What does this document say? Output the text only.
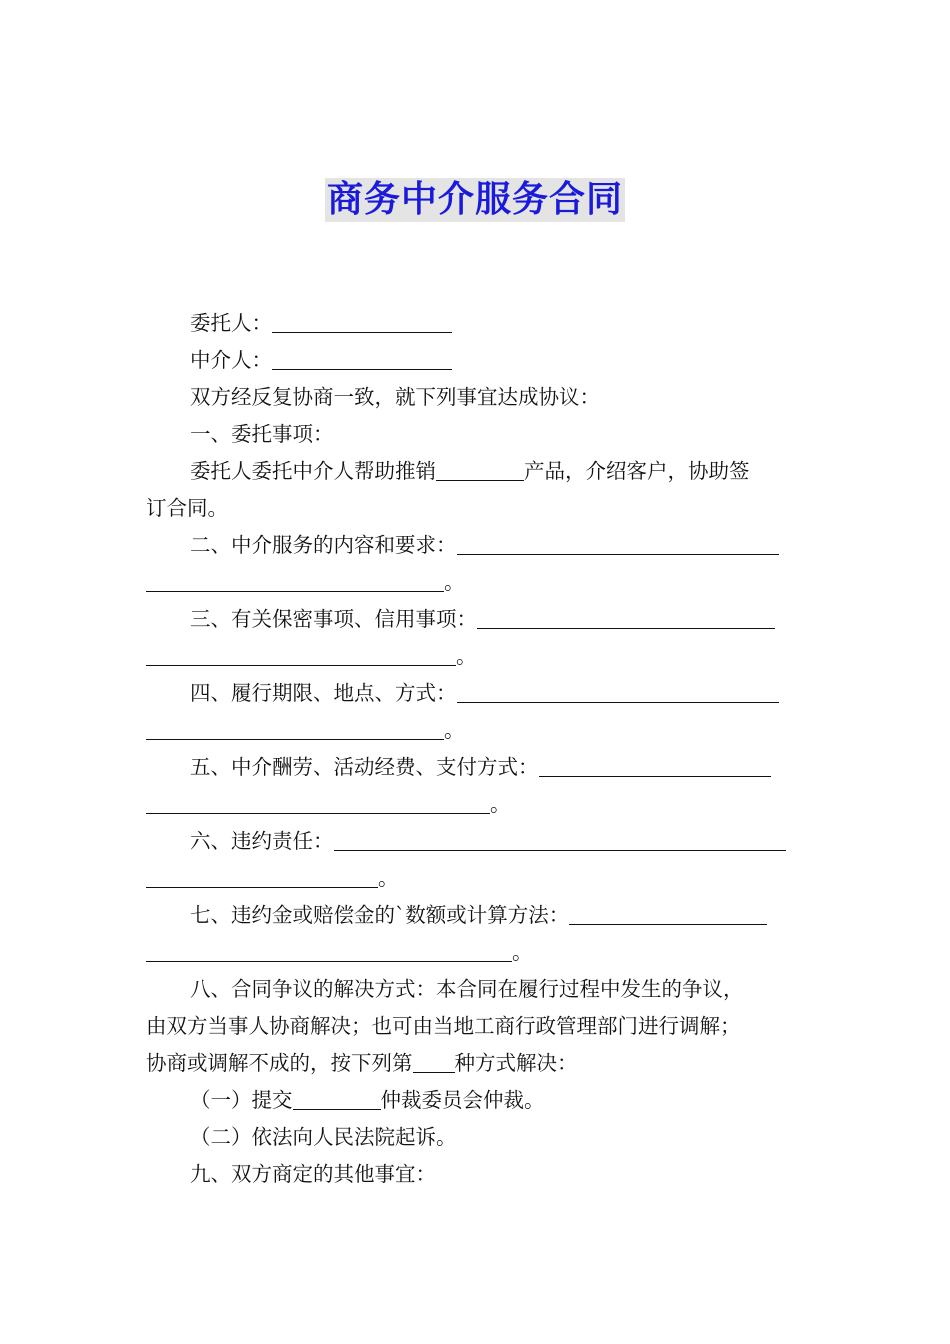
商务中介服务合同
委托人：
中介人：
双方经反复协商一致，就下列事宜达成协议：
一、委托事项：
委托人委托中介人帮助推销	产品，介绍客户，协助签
订合同。
二、中介服务的内容和要求：
。
三、有关保密事项、信用事项：
。
四、履行期限、地点、方式：
。
五、中介酬劳、活动经费、支付方式：
。
六、违约责任：
。
七、违约金或赔偿金的`数额或计算方法：
。
八、合同争议的解决方式：本合同在履行过程中发生的争议，
由双方当事人协商解决；也可由当地工商行政管理部门进行调解；
协商或调解不成的，按下列第 种方式解决：
（一）提交	仲裁委员会仲裁。
（二）依法向人民法院起诉。
九、双方商定的其他事宜：
